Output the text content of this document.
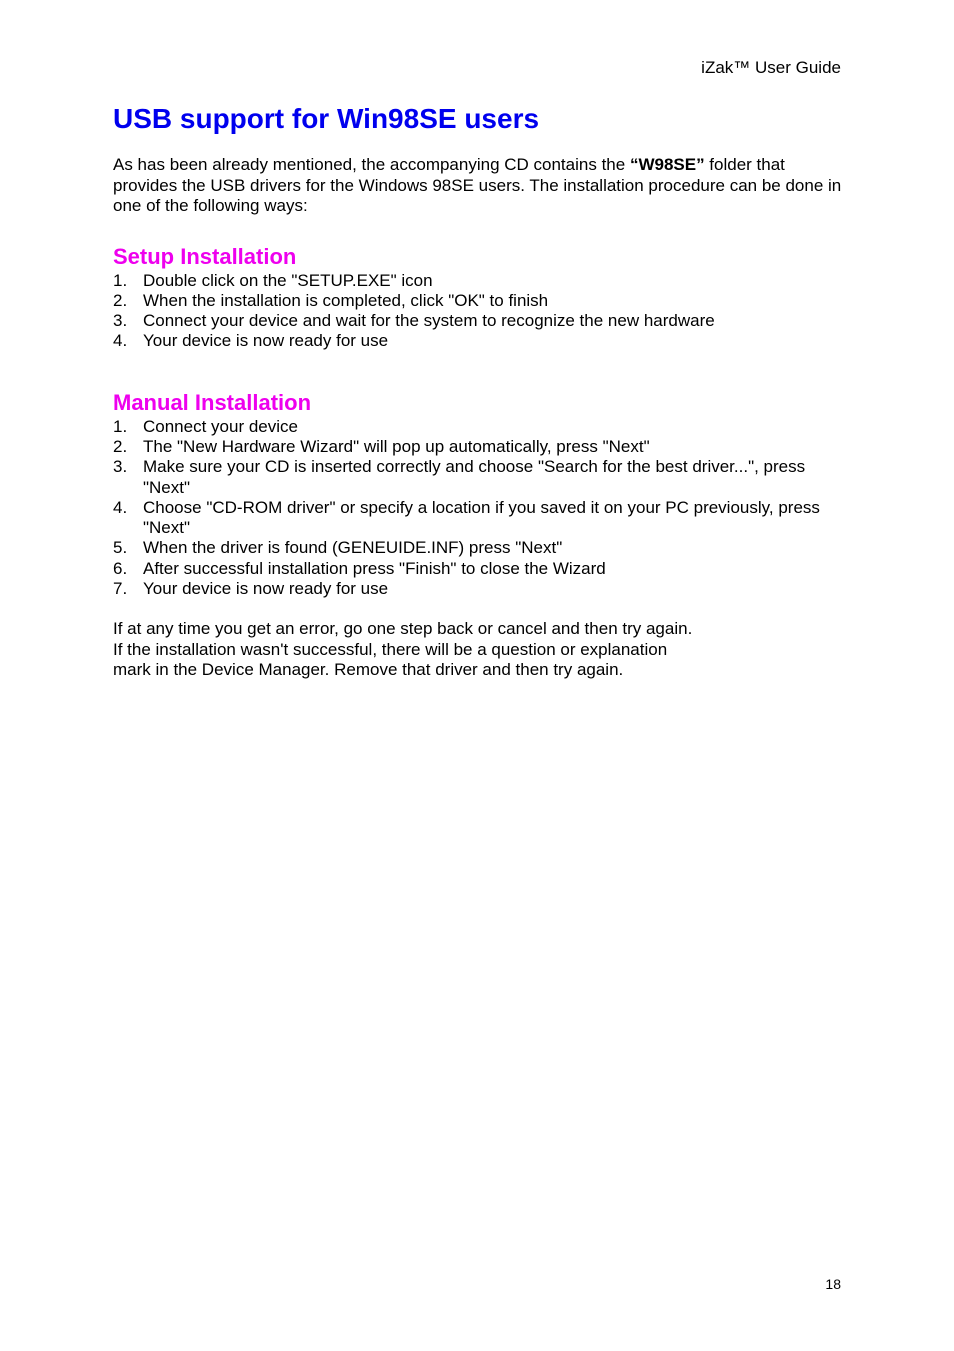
iZak™ User Guide
USB support for Win98SE users

As has been already mentioned, the accompanying CD contains the “W98SE” folder that provides the USB drivers for the Windows 98SE users. The installation procedure can be done in one of the following ways:

Setup Installation
1. Double click on the "SETUP.EXE" icon
2. When the installation is completed, click "OK" to finish
3. Connect your device and wait for the system to recognize the new hardware
4. Your device is now ready for use
Manual Installation
1. Connect your device
2. The "New Hardware Wizard" will pop up automatically, press "Next"
3. Make sure your CD is inserted correctly and choose "Search for the best driver...", press "Next"
4. Choose "CD-ROM driver" or specify a location if you saved it on your PC previously, press "Next"
5. When the driver is found (GENEUIDE.INF) press "Next"
6. After successful installation press "Finish" to close the Wizard
7. Your device is now ready for use

If at any time you get an error, go one step back or cancel and then try again.
If the installation wasn't successful, there will be a question or explanation
mark in the Device Manager. Remove that driver and then try again.

18
